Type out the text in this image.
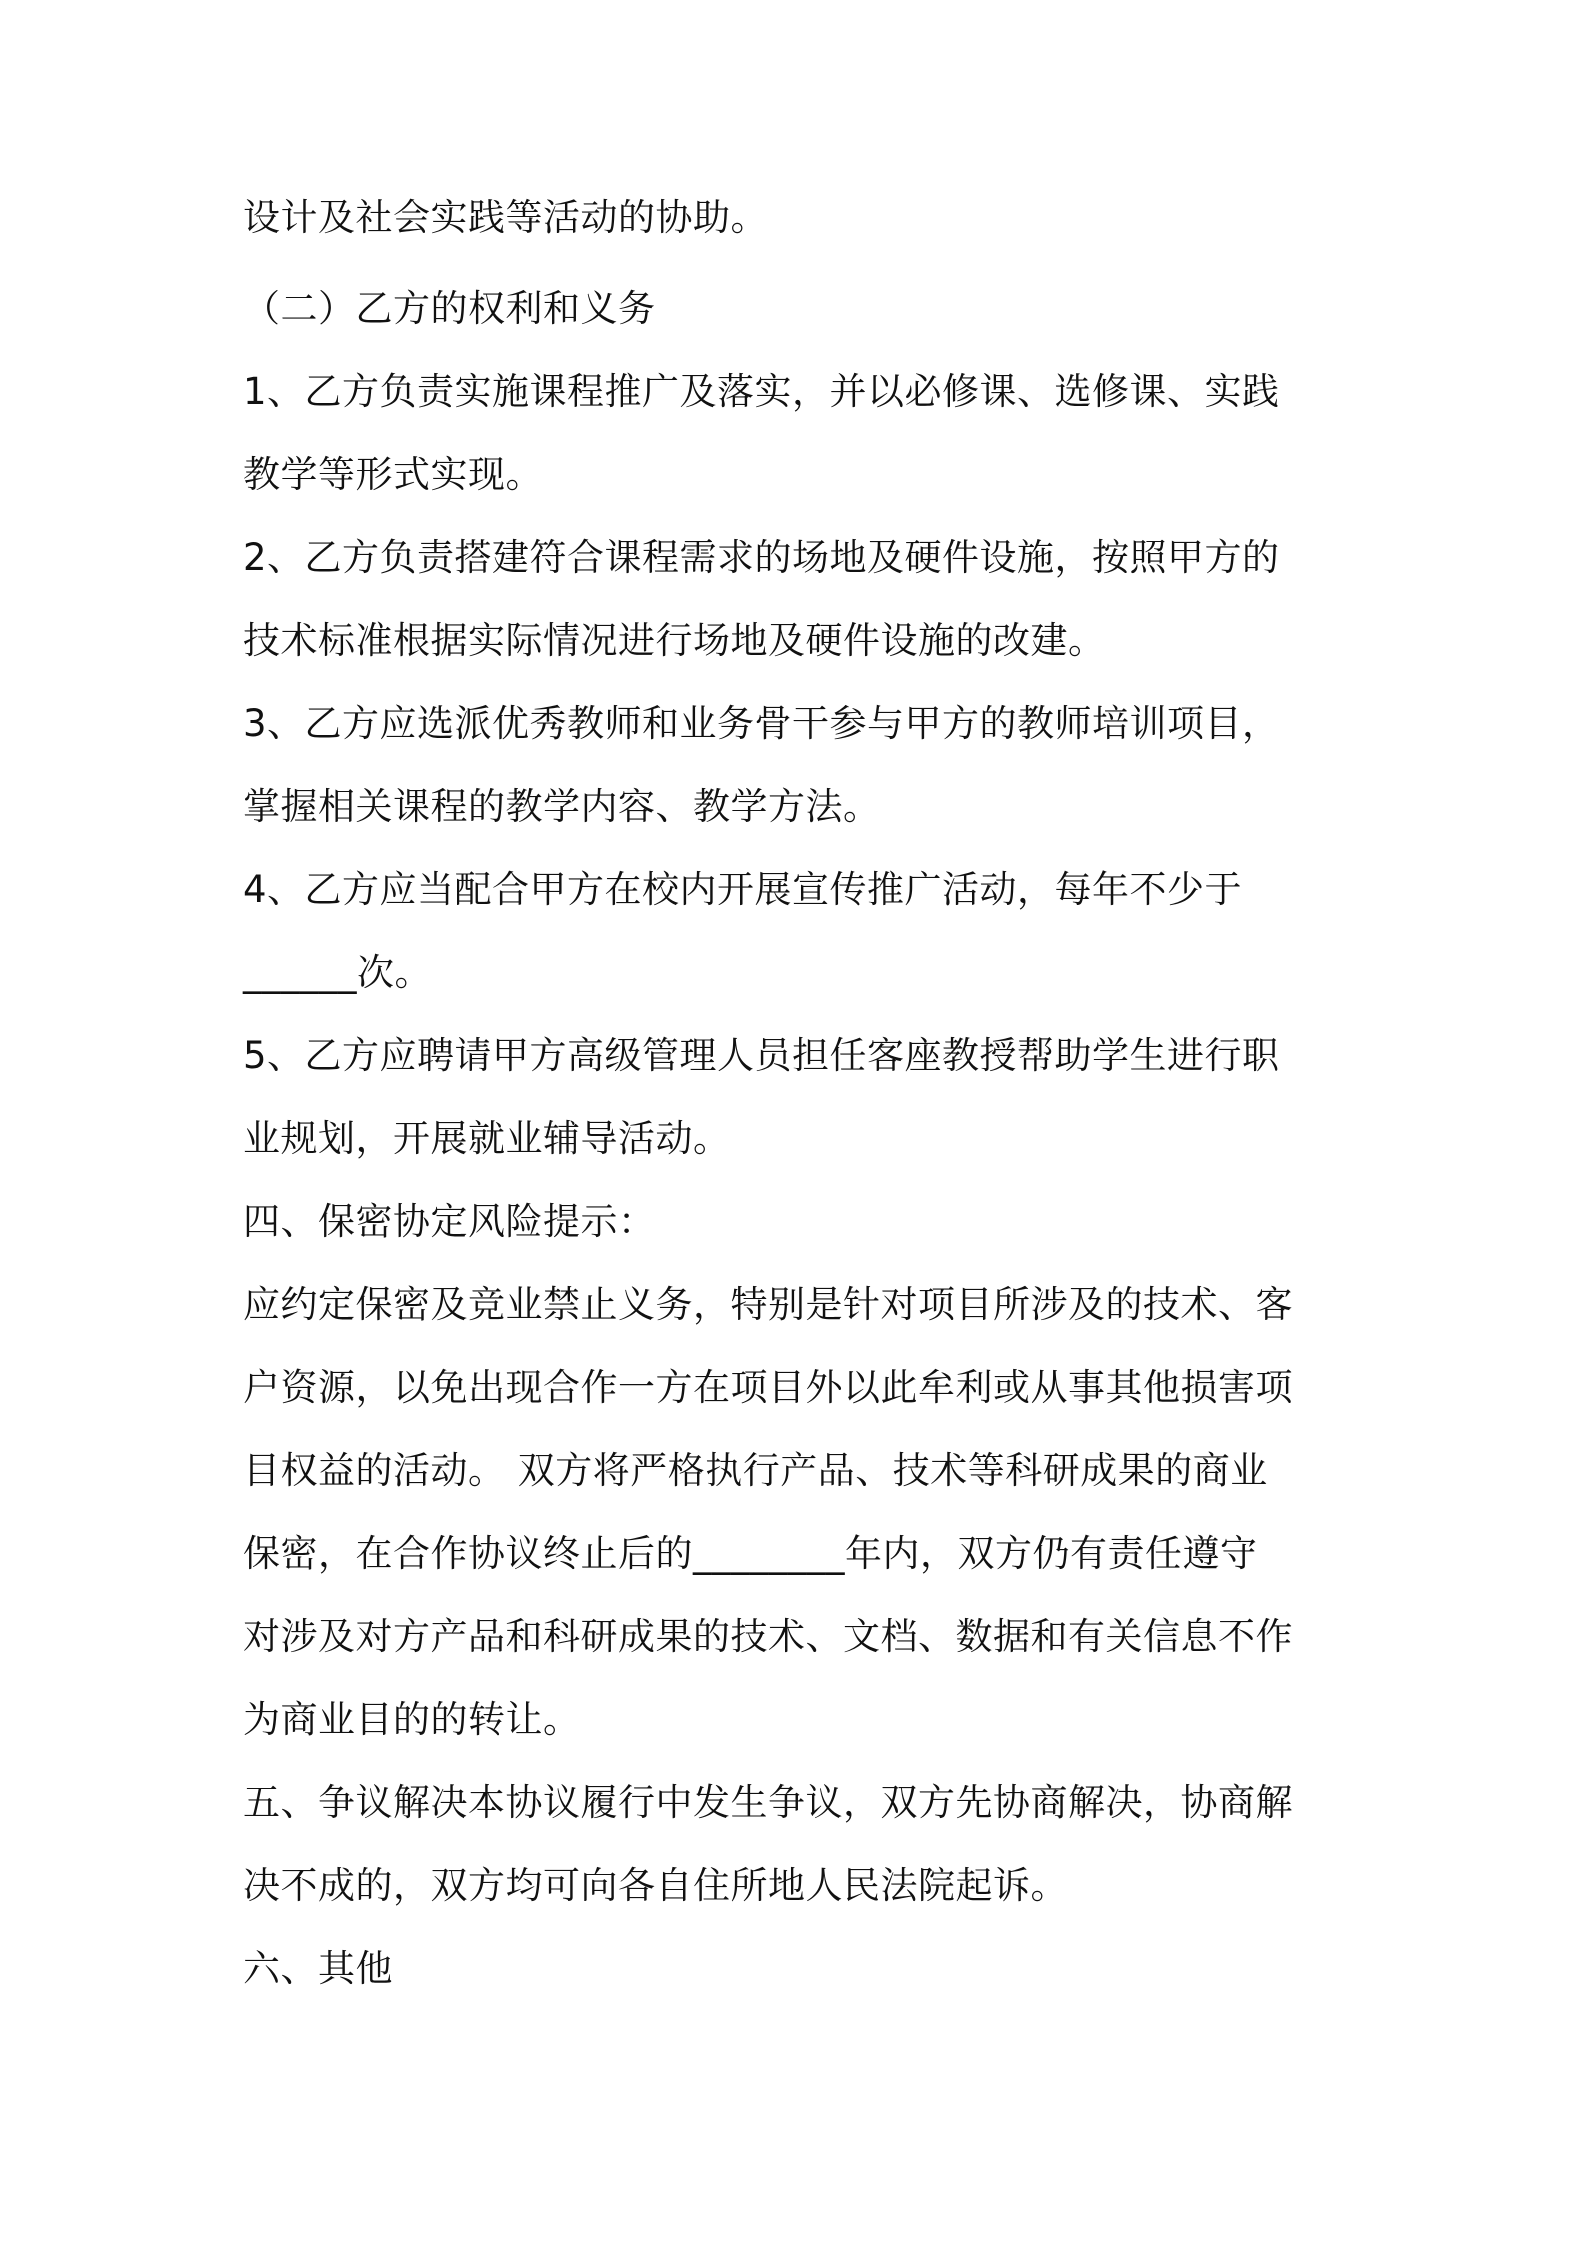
设计及社会实践等活动的协助。
（二）乙方的权利和义务
1、乙方负责实施课程推广及落实，并以必修课、选修课、实践
教学等形式实现。
2、乙方负责搭建符合课程需求的场地及硬件设施，按照甲方的
技术标准根据实际情况进行场地及硬件设施的改建。
3、乙方应选派优秀教师和业务骨干参与甲方的教师培训项目，
掌握相关课程的教学内容、教学方法。
4、乙方应当配合甲方在校内开展宣传推广活动，每年不少于
______次。
5、乙方应聘请甲方高级管理人员担任客座教授帮助学生进行职
业规划，开展就业辅导活动。
四、保密协定风险提示：
应约定保密及竞业禁止义务，特别是针对项目所涉及的技术、客
户资源，以免出现合作一方在项目外以此牟利或从事其他损害项
目权益的活动。 双方将严格执行产品、技术等科研成果的商业
保密，在合作协议终止后的________年内，双方仍有责任遵守
对涉及对方产品和科研成果的技术、文档、数据和有关信息不作
为商业目的的转让。
五、争议解决本协议履行中发生争议，双方先协商解决，协商解
决不成的，双方均可向各自住所地人民法院起诉。
六、其他
